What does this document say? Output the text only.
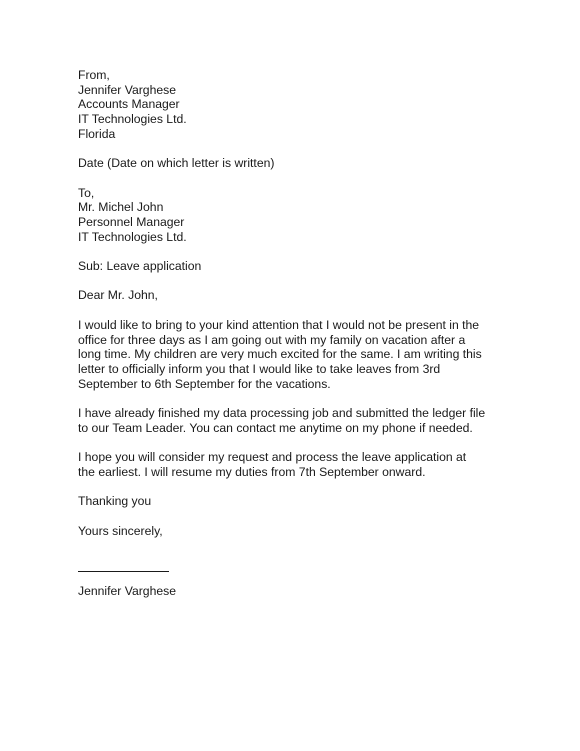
From,
Jennifer Varghese
Accounts Manager
IT Technologies Ltd.
Florida
Date (Date on which letter is written)
To,
Mr. Michel John
Personnel Manager
IT Technologies Ltd.
Sub: Leave application
Dear Mr. John,
I would like to bring to your kind attention that I would not be present in the
office for three days as I am going out with my family on vacation after a
long time. My children are very much excited for the same. I am writing this
letter to officially inform you that I would like to take leaves from 3rd
September to 6th September for the vacations.
I have already finished my data processing job and submitted the ledger file
to our Team Leader. You can contact me anytime on my phone if needed.
I hope you will consider my request and process the leave application at
the earliest. I will resume my duties from 7th September onward.
Thanking you
Yours sincerely,
Jennifer Varghese
